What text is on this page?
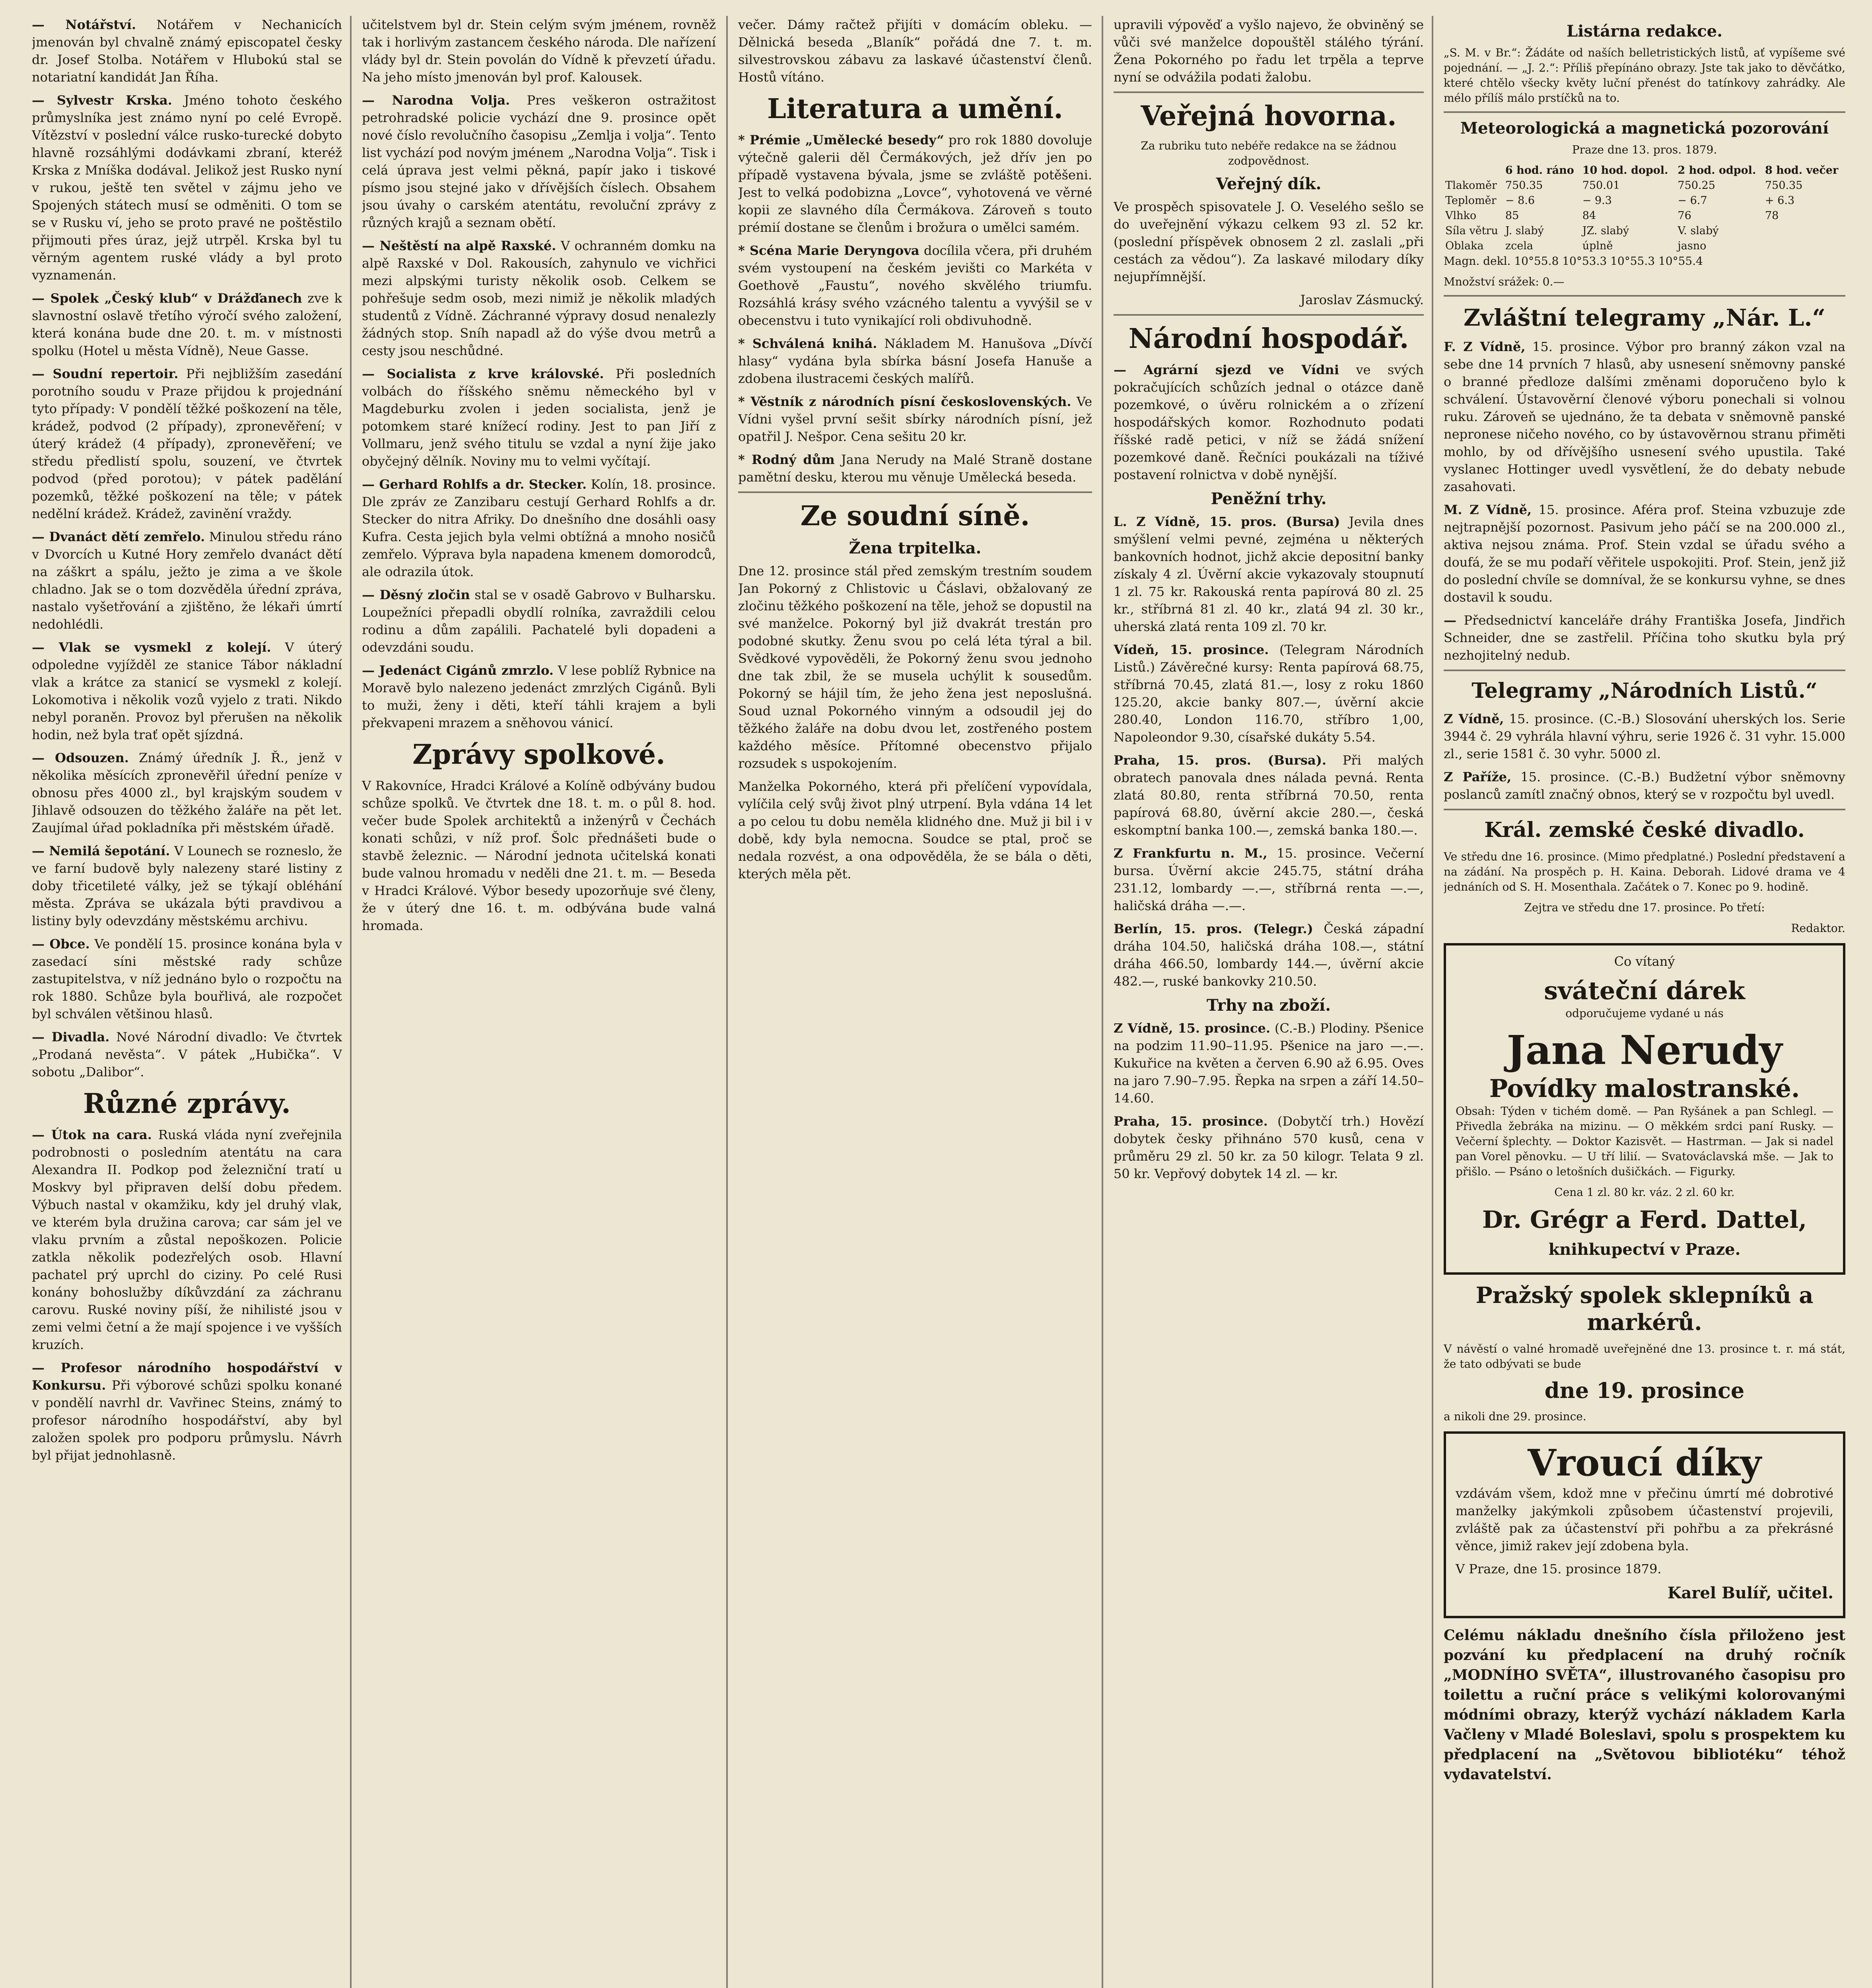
— Notářství. Notářem v Nechanicích jmenován byl chvalně známý episcopatel česky dr. Josef Stolba. Notářem v Hlubokú stal se notariatní kandidát Jan Říha.

— Sylvestr Krska. Jméno tohoto českého průmyslníka jest známo nyní po celé Evropě. Vítězství v poslední válce rusko-turecké dobyto hlavně rozsáhlými dodávkami zbraní, kteréž Krska z Mníška dodával. Jelikož jest Rusko nyní v rukou, ještě ten světel v zájmu jeho ve Spojených státech musí se odměniti. O tom se se v Rusku ví, jeho se proto pravé ne poštěstilo přijmouti přes úraz, jejž utrpěl. Krska byl tu věrným agentem ruské vlády a byl proto vyznamenán.

— Spolek „Český klub“ v Drážďanech zve k slavnostní oslavě třetího výročí svého založení, která konána bude dne 20. t. m. v místnosti spolku (Hotel u města Vídně), Neue Gasse.

— Soudní repertoir. Při nejbližším zasedání porotního soudu v Praze přijdou k projednání tyto případy: V pondělí těžké poškození na těle, krádež, podvod (2 případy), zpronevěření; v úterý krádež (4 případy), zpronevěření; ve středu předlistí spolu, souzení, ve čtvrtek podvod (před porotou); v pátek padělání pozemků, těžké poškození na těle; v pátek nedělní krádež. Krádež, zavinění vraždy.

— Dvanáct dětí zemřelo. Minulou středu ráno v Dvorcích u Kutné Hory zemřelo dvanáct dětí na záškrt a spálu, ježto je zima a ve škole chladno. Jak se o tom dozvěděla úřední zpráva, nastalo vyšetřování a zjištěno, že lékaři úmrtí nedohlédli.

— Vlak se vysmekl z kolejí. V úterý odpoledne vyjížděl ze stanice Tábor nákladní vlak a krátce za stanicí se vysmekl z kolejí. Lokomotiva i několik vozů vyjelo z trati. Nikdo nebyl poraněn. Provoz byl přerušen na několik hodin, než byla trať opět sjízdná.

— Odsouzen. Známý úředník J. Ř., jenž v několika měsících zpronevěřil úřední peníze v obnosu přes 4000 zl., byl krajským soudem v Jihlavě odsouzen do těžkého žaláře na pět let. Zaujímal úřad pokladníka při městském úřadě.

— Nemilá šepotání. V Lounech se rozneslo, že ve farní budově byly nalezeny staré listiny z doby třicetileté války, jež se týkají obléhání města. Zpráva se ukázala býti pravdivou a listiny byly odevzdány městskému archivu.

— Obce. Ve pondělí 15. prosince konána byla v zasedací síni městské rady schůze zastupitelstva, v níž jednáno bylo o rozpočtu na rok 1880. Schůze byla bouřlivá, ale rozpočet byl schválen většinou hlasů.

— Divadla. Nové Národní divadlo: Ve čtvrtek „Prodaná nevěsta“. V pátek „Hubička“. V sobotu „Dalibor“.

Různé zprávy.

— Útok na cara. Ruská vláda nyní zveřejnila podrobnosti o posledním atentátu na cara Alexandra II. Podkop pod železniční tratí u Moskvy byl připraven delší dobu předem. Výbuch nastal v okamžiku, kdy jel druhý vlak, ve kterém byla družina carova; car sám jel ve vlaku prvním a zůstal nepoškozen. Policie zatkla několik podezřelých osob. Hlavní pachatel prý uprchl do ciziny. Po celé Rusi konány bohoslužby díkůvzdání za záchranu carovu. Ruské noviny píší, že nihilisté jsou v zemi velmi četní a že mají spojence i ve vyšších kruzích.

— Profesor národního hospodářství v Konkursu. Při výborové schůzi spolku konané v pondělí navrhl dr. Vavřinec Steins, známý to profesor národního hospodářství, aby byl založen spolek pro podporu průmyslu. Návrh byl přijat jednohlasně.

učitelstvem byl dr. Stein celým svým jménem, rovněž tak i horlivým zastancem českého národa. Dle nařízení vlády byl dr. Stein povolán do Vídně k převzetí úřadu. Na jeho místo jmenován byl prof. Kalousek.

— Narodna Volja. Pres veškeron ostražitost petrohradské policie vychází dne 9. prosince opět nové číslo revolučního časopisu „Zemlja i volja“. Tento list vychází pod novým jménem „Narodna Volja“. Tisk i celá úprava jest velmi pěkná, papír jako i tiskové písmo jsou stejné jako v dřívějších číslech. Obsahem jsou úvahy o carském atentátu, revoluční zprávy z různých krajů a seznam obětí.

— Neštěstí na alpě Raxské. V ochranném domku na alpě Raxské v Dol. Rakousích, zahynulo ve vichřici mezi alpskými turisty několik osob. Celkem se pohřešuje sedm osob, mezi nimiž je několik mladých studentů z Vídně. Záchranné výpravy dosud nenalezly žádných stop. Sníh napadl až do výše dvou metrů a cesty jsou neschůdné.

— Socialista z krve královské. Při posledních volbách do říšského sněmu německého byl v Magdeburku zvolen i jeden socialista, jenž je potomkem staré knížecí rodiny. Jest to pan Jiří z Vollmaru, jenž svého titulu se vzdal a nyní žije jako obyčejný dělník. Noviny mu to velmi vyčítají.

— Gerhard Rohlfs a dr. Stecker. Kolín, 18. prosince. Dle zpráv ze Zanzibaru cestují Gerhard Rohlfs a dr. Stecker do nitra Afriky. Do dnešního dne dosáhli oasy Kufra. Cesta jejich byla velmi obtížná a mnoho nosičů zemřelo. Výprava byla napadena kmenem domorodců, ale odrazila útok.

— Děsný zločin stal se v osadě Gabrovo v Bulharsku. Loupežníci přepadli obydlí rolníka, zavraždili celou rodinu a dům zapálili. Pachatelé byli dopadeni a odevzdáni soudu.

— Jedenáct Cigánů zmrzlo. V lese poblíž Rybnice na Moravě bylo nalezeno jedenáct zmrzlých Cigánů. Byli to muži, ženy i děti, kteří táhli krajem a byli překvapeni mrazem a sněhovou vánicí.

Zprávy spolkové.

V Rakovníce, Hradci Králové a Kolíně odbývány budou schůze spolků. Ve čtvrtek dne 18. t. m. o půl 8. hod. večer bude Spolek architektů a inženýrů v Čechách konati schůzi, v níž prof. Šolc přednášeti bude o stavbě železnic. — Národní jednota učitelská konati bude valnou hromadu v neděli dne 21. t. m. — Beseda v Hradci Králové. Výbor besedy upozorňuje své členy, že v úterý dne 16. t. m. odbývána bude valná hromada.

večer. Dámy račtež přijíti v domácím obleku. — Dělnická beseda „Blaník“ pořádá dne 7. t. m. silvestrovskou zábavu za laskavé účastenství členů. Hostů vítáno.

Literatura a umění.

* Prémie „Umělecké besedy“ pro rok 1880 dovoluje výtečně galerii děl Čermákových, jež dřív jen po případě vystavena bývala, jsme se zvláště potěšeni. Jest to velká podobizna „Lovce“, vyhotovená ve věrné kopii ze slavného díla Čermákova. Zároveň s touto prémií dostane se členům i brožura o umělci samém.

* Scéna Marie Deryngova docílila včera, při druhém svém vystoupení na českém jevišti co Markéta v Goethově „Faustu“, nového skvělého triumfu. Rozsáhlá krásy svého vzácného talentu a vyvýšil se v obecenstvu i tuto vynikající roli obdivuhodně.

* Schválená knihá. Nákladem M. Hanušova „Dívčí hlasy“ vydána byla sbírka básní Josefa Hanuše a zdobena ilustracemi českých malířů.

* Věstník z národních písní československých. Ve Vídni vyšel první sešit sbírky národních písní, jež opatřil J. Nešpor. Cena sešitu 20 kr.

* Rodný dům Jana Nerudy na Malé Straně dostane pamětní desku, kterou mu věnuje Umělecká beseda.

Ze soudní síně.
Žena trpitelka.

Dne 12. prosince stál před zemským trestním soudem Jan Pokorný z Chlistovic u Čáslavi, obžalovaný ze zločinu těžkého poškození na těle, jehož se dopustil na své manželce. Pokorný byl již dvakrát trestán pro podobné skutky. Ženu svou po celá léta týral a bil. Svědkové vypověděli, že Pokorný ženu svou jednoho dne tak zbil, že se musela uchýlit k sousedům. Pokorný se hájil tím, že jeho žena jest neposlušná. Soud uznal Pokorného vinným a odsoudil jej do těžkého žaláře na dobu dvou let, zostřeného postem každého měsíce. Přítomné obecenstvo přijalo rozsudek s uspokojením.

Manželka Pokorného, která při přelíčení vypovídala, vylíčila celý svůj život plný utrpení. Byla vdána 14 let a po celou tu dobu neměla klidného dne. Muž ji bil i v době, kdy byla nemocna. Soudce se ptal, proč se nedala rozvést, a ona odpověděla, že se bála o děti, kterých měla pět.

upravili výpověď a vyšlo najevo, že obviněný se vůči své manželce dopouštěl stálého týrání. Žena Pokorného po řadu let trpěla a teprve nyní se odvážila podati žalobu.

Veřejná hovorna.

Za rubriku tuto nebéře redakce na se žádnou zodpovědnost.

Veřejný dík.

Ve prospěch spisovatele J. O. Veselého sešlo se do uveřejnění výkazu celkem 93 zl. 52 kr. (poslední příspěvek obnosem 2 zl. zaslali „při cestách za vědou“). Za laskavé milodary díky nejupřímnější.

Jaroslav Zásmucký.

Národní hospodář.

— Agrární sjezd ve Vídni ve svých pokračujících schůzích jednal o otázce daně pozemkové, o úvěru rolnickém a o zřízení hospodářských komor. Rozhodnuto podati říšské radě petici, v níž se žádá snížení pozemkové daně. Řečníci poukázali na tíživé postavení rolnictva v době nynější.

Peněžní trhy.

L. Z Vídně, 15. pros. (Bursa) Jevila dnes smýšlení velmi pevné, zejména u některých bankovních hodnot, jichž akcie depositní banky získaly 4 zl. Úvěrní akcie vykazovaly stoupnutí 1 zl. 75 kr. Rakouská renta papírová 80 zl. 25 kr., stříbrná 81 zl. 40 kr., zlatá 94 zl. 30 kr., uherská zlatá renta 109 zl. 70 kr.

Vídeň, 15. prosince. (Telegram Národních Listů.) Závěrečné kursy: Renta papírová 68.75, stříbrná 70.45, zlatá 81.—, losy z roku 1860 125.20, akcie banky 807.—, úvěrní akcie 280.40, London 116.70, stříbro 1,00, Napoleondor 9.30, císařské dukáty 5.54.

Praha, 15. pros. (Bursa). Při malých obratech panovala dnes nálada pevná. Renta zlatá 80.80, renta stříbrná 70.50, renta papírová 68.80, úvěrní akcie 280.—, česká eskomptní banka 100.—, zemská banka 180.—.

Z Frankfurtu n. M., 15. prosince. Večerní bursa. Úvěrní akcie 245.75, státní dráha 231.12, lombardy —.—, stříbrná renta —.—, haličská dráha —.—.

Berlín, 15. pros. (Telegr.) Česká západní dráha 104.50, haličská dráha 108.—, státní dráha 466.50, lombardy 144.—, úvěrní akcie 482.—, ruské bankovky 210.50.

Trhy na zboží.

Z Vídně, 15. prosince. (C.-B.) Plodiny. Pšenice na podzim 11.90–11.95. Pšenice na jaro —.—. Kukuřice na květen a červen 6.90 až 6.95. Oves na jaro 7.90–7.95. Řepka na srpen a září 14.50–14.60.

Praha, 15. prosince. (Dobytčí trh.) Hovězí dobytek česky přihnáno 570 kusů, cena v průměru 29 zl. 50 kr. za 50 kilogr. Telata 9 zl. 50 kr. Vepřový dobytek 14 zl. — kr.

Listárna redakce.

„S. M. v Br.“: Žádáte od naších belletristických listů, ať vypíšeme své pojednání. — „J. 2.“: Příliš přepínáno obrazy. Jste tak jako to děvčátko, které chtělo všecky květy luční přenést do tatínkovy zahrádky. Ale mélo přílíš málo prstíčků na to.

Meteorologická a magnetická pozorování

Praze dne 13. pros. 1879.

	6 hod. ráno	10 hod. dopol.	2 hod. odpol.	8 hod. večer
Tlakoměr	750.35	750.01	750.25	750.35
Teploměr	− 8.6	− 9.3	− 6.7	+ 6.3
Vlhko	85	84	76	78
Síla větru	J. slabý	JZ. slabý	V. slabý	
Oblaka	zcela	úplně	jasno	

Magn. dekl. 10°55.8 10°53.3 10°55.3 10°55.4

Množství srážek: 0.—

Zvláštní telegramy „Nár. L.“

F. Z Vídně, 15. prosince. Výbor pro branný zákon vzal na sebe dne 14 prvních 7 hlasů, aby usnesení sněmovny panské o branné předloze dalšími změnami doporučeno bylo k schválení. Ústavověrní členové výboru ponechali si volnou ruku. Zároveň se ujednáno, že ta debata v sněmovně panské nepronese ničeho nového, co by ústavověrnou stranu přiměti mohlo, by od dřívějšího usnesení svého upustila. Také vyslanec Hottinger uvedl vysvětlení, že do debaty nebude zasahovati.

M. Z Vídně, 15. prosince. Aféra prof. Steina vzbuzuje zde nejtrapnější pozornost. Pasivum jeho páčí se na 200.000 zl., aktiva nejsou známa. Prof. Stein vzdal se úřadu svého a doufá, že se mu podaří věřitele uspokojiti. Prof. Stein, jenž již do poslední chvíle se domníval, že se konkursu vyhne, se dnes dostavil k soudu.

— Předsednictví kanceláře dráhy Františka Josefa, Jindřich Schneider, dne se zastřelil. Příčina toho skutku byla prý nezhojitelný nedub.

Telegramy „Národních Listů.“

Z Vídně, 15. prosince. (C.-B.) Slosování uherských los. Serie 3944 č. 29 vyhrála hlavní výhru, serie 1926 č. 31 vyhr. 15.000 zl., serie 1581 č. 30 vyhr. 5000 zl.

Z Paříže, 15. prosince. (C.-B.) Budžetní výbor sněmovny poslanců zamítl značný obnos, který se v rozpočtu byl uvedl.

Král. zemské české divadlo.

Ve středu dne 16. prosince. (Mimo předplatné.) Poslední představení a na zádání. Na prospěch p. H. Kaina. Deborah. Lidové drama ve 4 jednáních od S. H. Mosenthala. Začátek o 7. Konec po 9. hodině.

Zejtra ve středu dne 17. prosince. Po třetí:

Redaktor.

Co vítaný

sváteční dárek

odporučujeme vydané u nás

Jana Nerudy

Povídky malostranské.

Obsah: Týden v tichém domě. — Pan Ryšánek a pan Schlegl. — Přivedla žebráka na mizinu. — O měkkém srdci paní Rusky. — Večerní šplechty. — Doktor Kazisvět. — Hastrman. — Jak si nadel pan Vorel pěnovku. — U tří lilií. — Svatováclavská mše. — Jak to přišlo. — Psáno o letošních dušičkách. — Figurky.

Cena 1 zl. 80 kr. váz. 2 zl. 60 kr.

Dr. Grégr a Ferd. Dattel,

knihkupectví v Praze.

Pražský spolek sklepníků a markérů.

V návěstí o valné hromadě uveřejněné dne 13. prosince t. r. má stát, že tato odbývati se bude

dne 19. prosince

a nikoli dne 29. prosince.

Vroucí díky

vzdávám všem, kdož mne v přečinu úmrtí mé dobrotivé manželky jakýmkoli způsobem účastenství projevili, zvláště pak za účastenství při pohřbu a za překrásné věnce, jimiž rakev její zdobena byla.

V Praze, dne 15. prosince 1879.

Karel Bulíř, učitel.

Celému nákladu dnešního čísla přiloženo jest pozvání ku předplacení na druhý ročník „MODNÍHO SVĚTA“, illustrovaného časopisu pro toilettu a ruční práce s velikými kolorovanými módními obrazy, kterýž vychází nákladem Karla Vačleny v Mladé Boleslavi, spolu s prospektem ku předplacení na „Světovou bibliotéku“ téhož vydavatelství.
